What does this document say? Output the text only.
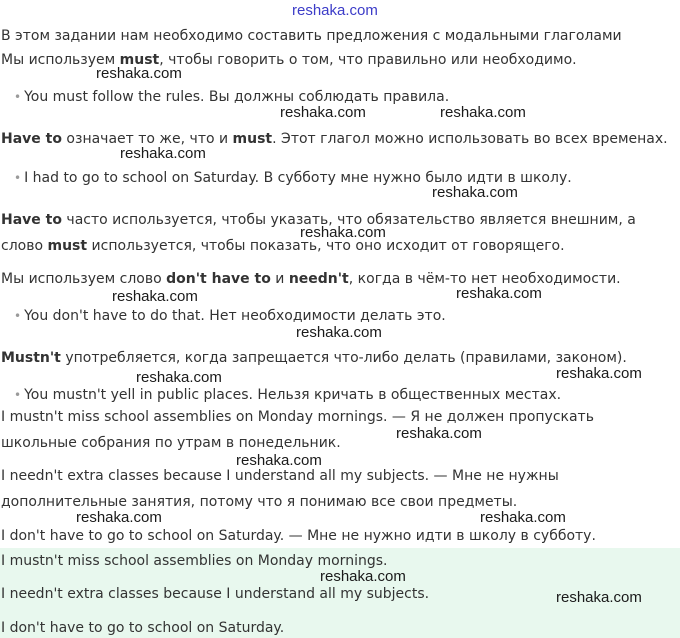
reshaka.com
В этом задании нам необходимо составить предложения с модальными глаголами
Мы используем must, чтобы говорить о том, что правильно или необходимо.
• You must follow the rules. Вы должны соблюдать правила.
Have to означает то же, что и must. Этот глагол можно использовать во всех временах.
• I had to go to school on Saturday. В субботу мне нужно было идти в школу.
Have to часто используется, чтобы указать, что обязательство является внешним, а
слово must используется, чтобы показать, что оно исходит от говорящего.
Мы используем слово don't have to и needn't, когда в чём-то нет необходимости.
• You don't have to do that. Нет необходимости делать это.
Mustn't употребляется, когда запрещается что-либо делать (правилами, законом).
• You mustn't yell in public places. Нельзя кричать в общественных местах.
I mustn't miss school assemblies on Monday mornings. — Я не должен пропускать
школьные собрания по утрам в понедельник.
I needn't extra classes because I understand all my subjects. — Мне не нужны
дополнительные занятия, потому что я понимаю все свои предметы.
I don't have to go to school on Saturday. — Мне не нужно идти в школу в субботу.
I mustn't miss school assemblies on Monday mornings.
I needn't extra classes because I understand all my subjects.
I don't have to go to school on Saturday.
reshaka.com
reshaka.com	reshaka.com
reshaka.com
reshaka.com
reshaka.com
reshaka.com	reshaka.com
reshaka.com
reshaka.com	reshaka.com
reshaka.com
reshaka.com
reshaka.com	reshaka.com
reshaka.com
reshaka.com
